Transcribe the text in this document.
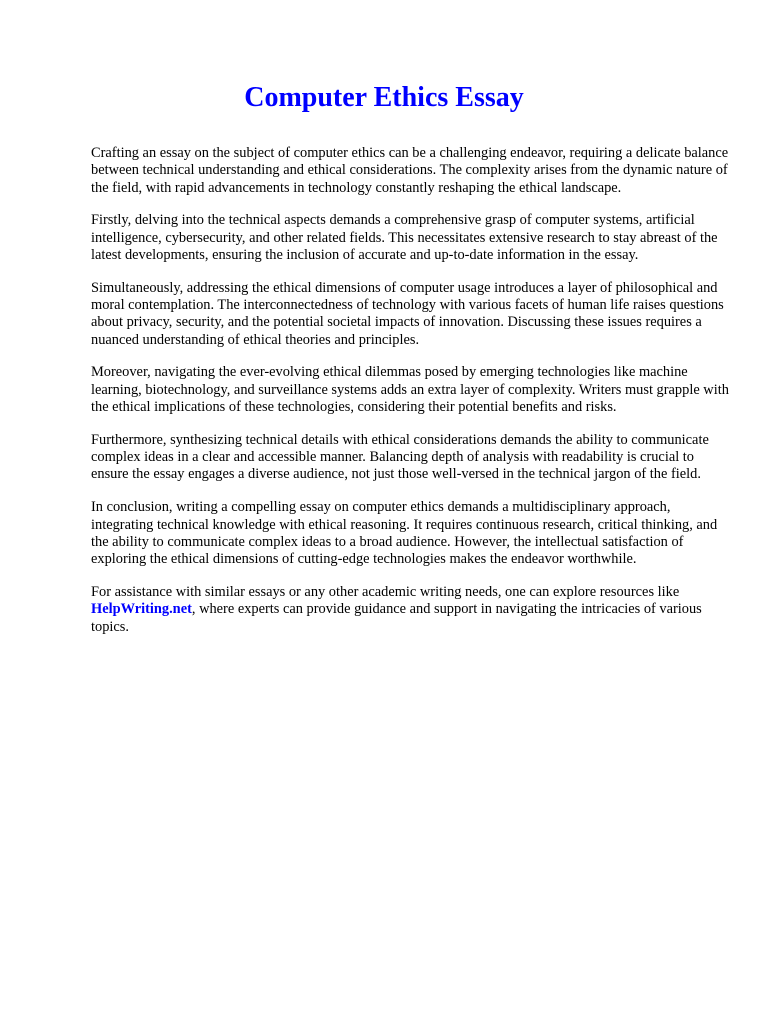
Computer Ethics Essay

Crafting an essay on the subject of computer ethics can be a challenging endeavor, requiring a delicate balance between technical understanding and ethical considerations. The complexity arises from the dynamic nature of the field, with rapid advancements in technology constantly reshaping the ethical landscape.

Firstly, delving into the technical aspects demands a comprehensive grasp of computer systems, artificial intelligence, cybersecurity, and other related fields. This necessitates extensive research to stay abreast of the latest developments, ensuring the inclusion of accurate and up-to-date information in the essay.

Simultaneously, addressing the ethical dimensions of computer usage introduces a layer of philosophical and moral contemplation. The interconnectedness of technology with various facets of human life raises questions about privacy, security, and the potential societal impacts of innovation. Discussing these issues requires a nuanced understanding of ethical theories and principles.

Moreover, navigating the ever-evolving ethical dilemmas posed by emerging technologies like machine learning, biotechnology, and surveillance systems adds an extra layer of complexity. Writers must grapple with the ethical implications of these technologies, considering their potential benefits and risks.

Furthermore, synthesizing technical details with ethical considerations demands the ability to communicate complex ideas in a clear and accessible manner. Balancing depth of analysis with readability is crucial to ensure the essay engages a diverse audience, not just those well-versed in the technical jargon of the field.

In conclusion, writing a compelling essay on computer ethics demands a multidisciplinary approach, integrating technical knowledge with ethical reasoning. It requires continuous research, critical thinking, and the ability to communicate complex ideas to a broad audience. However, the intellectual satisfaction of exploring the ethical dimensions of cutting-edge technologies makes the endeavor worthwhile.

For assistance with similar essays or any other academic writing needs, one can explore resources like HelpWriting.net, where experts can provide guidance and support in navigating the intricacies of various topics.
